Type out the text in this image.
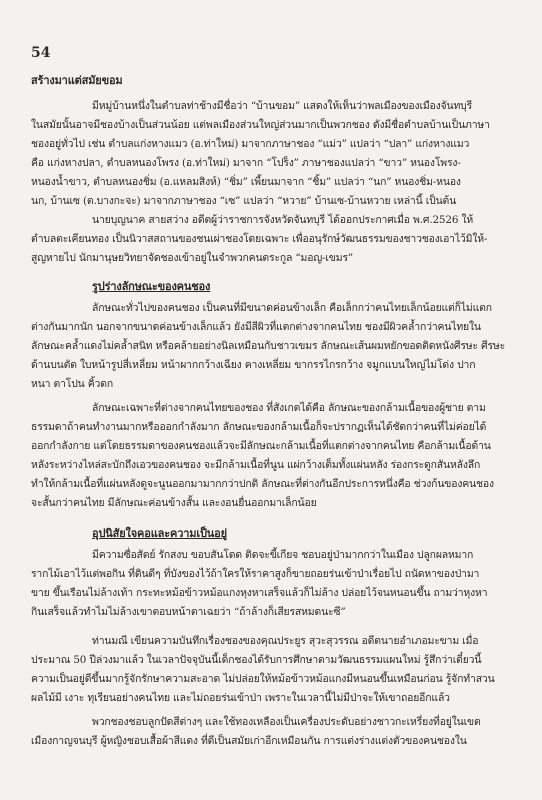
54
สร้างมาแต่สมัยขอม
มีหมู่บ้านหนึ่งในตำบลท่าช้างมีชื่อว่า “บ้านขอม” แสดงให้เห็นว่าพลเมืองของเมืองจันทบุรี
ในสมัยนั้นอาจมีชองบ้างเป็นส่วนน้อย แต่พลเมืองส่วนใหญ่ส่วนมากเป็นพวกชอง ดังมีชื่อตำบลบ้านเป็นภาษา
ชองอยู่ทั่วไป เช่น ตำบลแก่งหางแมว (อ.ท่าใหม่) มาจากภาษาชอง “แม่ว” แปลว่า “ปลา” แก่งหางแมว
คือ แก่งหางปลา, ตำบลหนองโพรง (อ.ท่าใหม่) มาจาก “โปร็ง” ภาษาชองแปลว่า “ขาว” หนองโพรง-
หนองน้ำขาว, ตำบลหนองชิ่ม (อ.แหลมสิงห์) “ชิ่ม” เพี้ยนมาจาก “ชิ้ม” แปลว่า “นก” หนองชิ่ม-หนอง
นก, บ้านเซ (ต.บางกะจะ) มาจากภาษาชอง “เซ” แปลว่า “หวาย” บ้านเซ-บ้านหวาย เหล่านี้ เป็นต้น
นายบุญนาค สายสว่าง อดีตผู้ว่าราชการจังหวัดจันทบุรี ได้ออกประกาศเมื่อ พ.ศ.2526 ให้
ตำบลตะเคียนทอง เป็นนิวาสสถานของชนเผ่าชองโดยเฉพาะ เพื่ออนุรักษ์วัฒนธรรมของชาวชองเอาไว้มิให้-
สูญหายไป นักมานุษยวิทยาจัดชองเข้าอยู่ในจำพวกคนตระกูล “มอญ-เขมร”
รูปร่างลักษณะของคนชอง
ลักษณะทั่วไปของคนชอง เป็นคนที่มีขนาดค่อนข้างเล็ก คือเล็กกว่าคนไทยเล็กน้อยแต่ก็ไม่แตก
ต่างกันมากนัก นอกจากขนาดค่อนข้างเล็กแล้ว ยังมีสีผิวที่แตกต่างจากคนไทย ชองมีผิวคล้ำกว่าคนไทยใน
ลักษณะคล้ำแดงไม่คล้ำสนิท หรือคล้ายอย่างนิลเหมือนกับชาวเขมร ลักษณะเส้นผมหยักขอดติดหนังศีรษะ ศีรษะ
ด้านบนตัด ใบหน้ารูปสี่เหลี่ยม หน้าผากกว้างเฉียง คางเหลี่ยม ขากรรไกรกว้าง จมูกแบนใหญ่ไม่โด่ง ปาก
หนา ตาโปน คิ้วดก
ลักษณะเฉพาะที่ต่างจากคนไทยของชอง ที่สังเกตได้คือ ลักษณะของกล้ามเนื้อของผู้ชาย ตาม
ธรรมดาถ้าคนทำงานมากหรือออกกำลังมาก ลักษณะของกล้ามเนื้อก็จะปรากฏเห็นได้ชัดกว่าคนที่ไม่ค่อยได้
ออกกำลังกาย แต่โดยธรรมดาของคนชองแล้วจะมีลักษณะกล้ามเนื้อที่แตกต่างจากคนไทย คือกล้ามเนื้อด้าน
หลังระหว่างไหล่สะบักถึงเอวของคนชอง จะมีกล้ามเนื้อที่นูน แผ่กว้างเต็มทั้งแผ่นหลัง ร่องกระดูกสันหลังลึก
ทำให้กล้ามเนื้อที่แผ่นหลังดูจะนูนออกมามากกว่าปกติ ลักษณะที่ต่างกันอีกประการหนึ่งคือ ช่วงก้นของคนชอง
จะสั้นกว่าคนไทย มีลักษณะค่อนข้างสั้น และงอนยื่นออกมาเล็กน้อย
อุปนิสัยใจคอและความเป็นอยู่
มีความซื่อสัตย์ รักสงบ ขอบสันโดด ติดจะขี้เกียจ ชอบอยู่ป่ามากกว่าในเมือง ปลูกผลหมาก
รากไม้เอาไว้แต่พอกิน ที่ดินดีๆ ที่บังของไว้ถ้าใครให้ราคาสูงก็ขายถอยร่นเข้าป่าเรื่อยไป ถนัดหาของป่ามา
ขาย ขึ้นเรือนไม่ล้างเท้า กระทะหม้อข้าวหม้อแกงหุงหาเสร็จแล้วก็ไม่ล้าง ปล่อยไว้จนหนอนขึ้น ถามว่าหุงหา
กินเสร็จแล้วทำไมไม่ล้างเขาตอบหน้าตาเฉยว่า “ถ้าล้างก็เสียรสหมดนะซี”
ท่านมณี เขียนความบันทึกเรื่องชองของคุณประยูร สุวะสุวรรณ อดีตนายอำเภอมะขาม เมื่อ
ประมาณ 50 ปีล่วงมาแล้ว ในเวลาปัจจุบันนี้เด็กชองได้รับการศึกษาตามวัฒนธรรมแผนใหม่ รู้สึกว่าเดี๋ยวนี้
ความเป็นอยู่ดีขึ้นมากรู้จักรักษาความสะอาด ไม่ปล่อยให้หม้อข้าวหม้อแกงมีหนอนขึ้นเหมือนก่อน รู้จักทำสวน
ผลไม้มี เงาะ ทุเรียนอย่างคนไทย และไม่ถอยร่นเข้าป่า เพราะในเวลานี้ไม่มีป่าจะให้เขาถอยอีกแล้ว
พวกชองชอบลูกปัดสีต่างๆ และใช้ทองเหลืองเป็นเครื่องประดับอย่างชาวกะเหรี่ยงที่อยู่ในเขต
เมืองกาญจนบุรี ผู้หญิงชอบเสื้อผ้าสีแดง ที่ดีเป็นสมัยเก่าอีกเหมือนกัน การแต่งร่างแต่งตัวของคนชองใน
